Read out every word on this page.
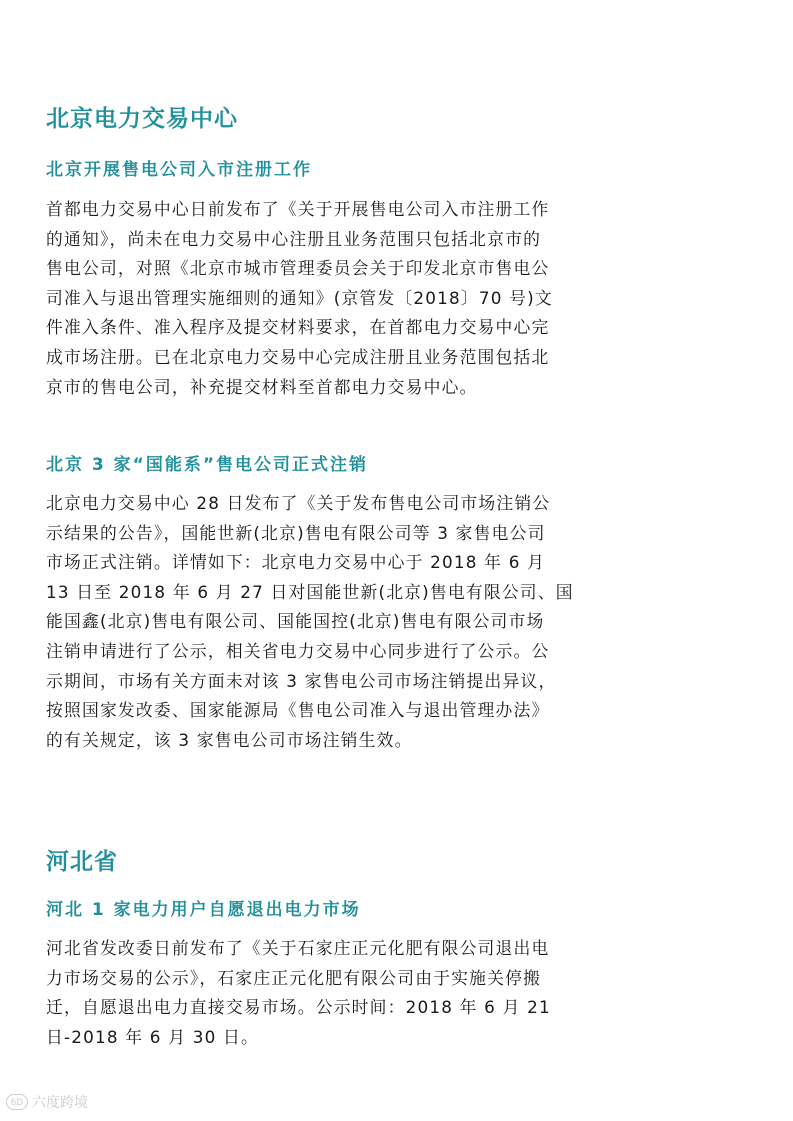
北京电力交易中心
北京开展售电公司入市注册工作

首都电力交易中心日前发布了《关于开展售电公司入市注册工作
的通知》，尚未在电力交易中心注册且业务范围只包括北京市的
售电公司，对照《北京市城市管理委员会关于印发北京市售电公
司准入与退出管理实施细则的通知》(京管发〔2018〕70 号)文
件准入条件、准入程序及提交材料要求，在首都电力交易中心完
成市场注册。已在北京电力交易中心完成注册且业务范围包括北
京市的售电公司，补充提交材料至首都电力交易中心。

北京 3 家“国能系”售电公司正式注销

北京电力交易中心 28 日发布了《关于发布售电公司市场注销公
示结果的公告》，国能世新(北京)售电有限公司等 3 家售电公司
市场正式注销。详情如下：北京电力交易中心于 2018 年 6 月
13 日至 2018 年 6 月 27 日对国能世新(北京)售电有限公司、国
能国鑫(北京)售电有限公司、国能国控(北京)售电有限公司市场
注销申请进行了公示，相关省电力交易中心同步进行了公示。公
示期间，市场有关方面未对该 3 家售电公司市场注销提出异议，
按照国家发改委、国家能源局《售电公司准入与退出管理办法》
的有关规定，该 3 家售电公司市场注销生效。

河北省
河北 1 家电力用户自愿退出电力市场

河北省发改委日前发布了《关于石家庄正元化肥有限公司退出电
力市场交易的公示》，石家庄正元化肥有限公司由于实施关停搬
迁，自愿退出电力直接交易市场。公示时间：2018 年 6 月 21
日-2018 年 6 月 30 日。

6D 六度跨境
